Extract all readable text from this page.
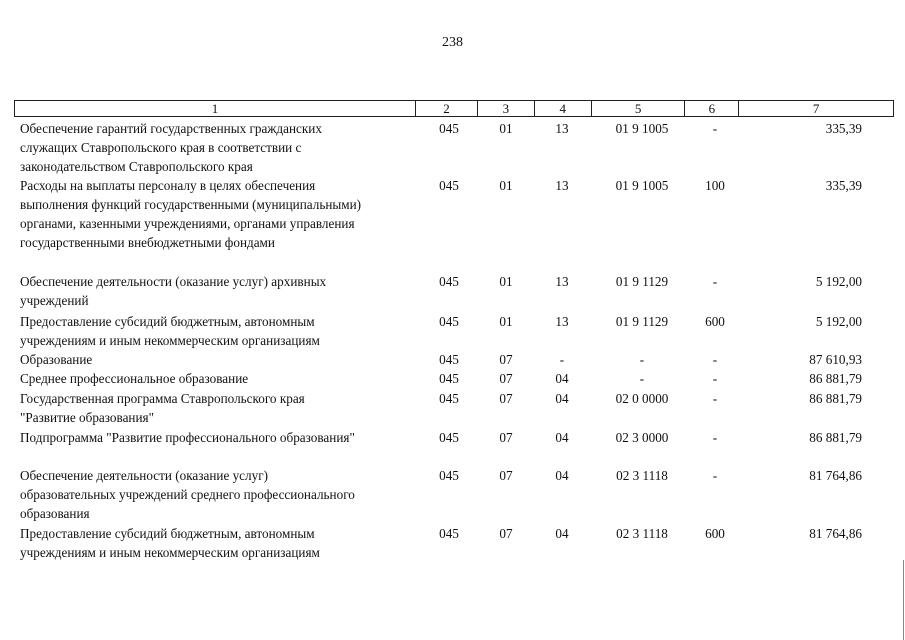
238
1	2	3	4	5	6	7
Обеспечение гарантий государственных гражданских
служащих Ставропольского края в соответствии с
законодательством Ставропольского края
045	01	13	01 9 1005	-	335,39
Расходы на выплаты персоналу в целях обеспечения
выполнения функций государственными (муниципальными)
органами, казенными учреждениями, органами управления
государственными внебюджетными фондами
045	01	13	01 9 1005	100	335,39
Обеспечение деятельности (оказание услуг) архивных
учреждений
045	01	13	01 9 1129	-	5 192,00
Предоставление субсидий бюджетным, автономным
учреждениям и иным некоммерческим организациям
045	01	13	01 9 1129	600	5 192,00
Образование	045	07	-	-	-	87 610,93
Среднее профессиональное образование	045	07	04	-	-	86 881,79
Государственная программа Ставропольского края
"Развитие образования"
045	07	04	02 0 0000	-	86 881,79
Подпрограмма "Развитие профессионального образования"	045	07	04	02 3 0000	-	86 881,79
Обеспечение деятельности (оказание услуг)
образовательных учреждений среднего профессионального
образования
045	07	04	02 3 1118	-	81 764,86
Предоставление субсидий бюджетным, автономным
учреждениям и иным некоммерческим организациям
045	07	04	02 3 1118	600	81 764,86
